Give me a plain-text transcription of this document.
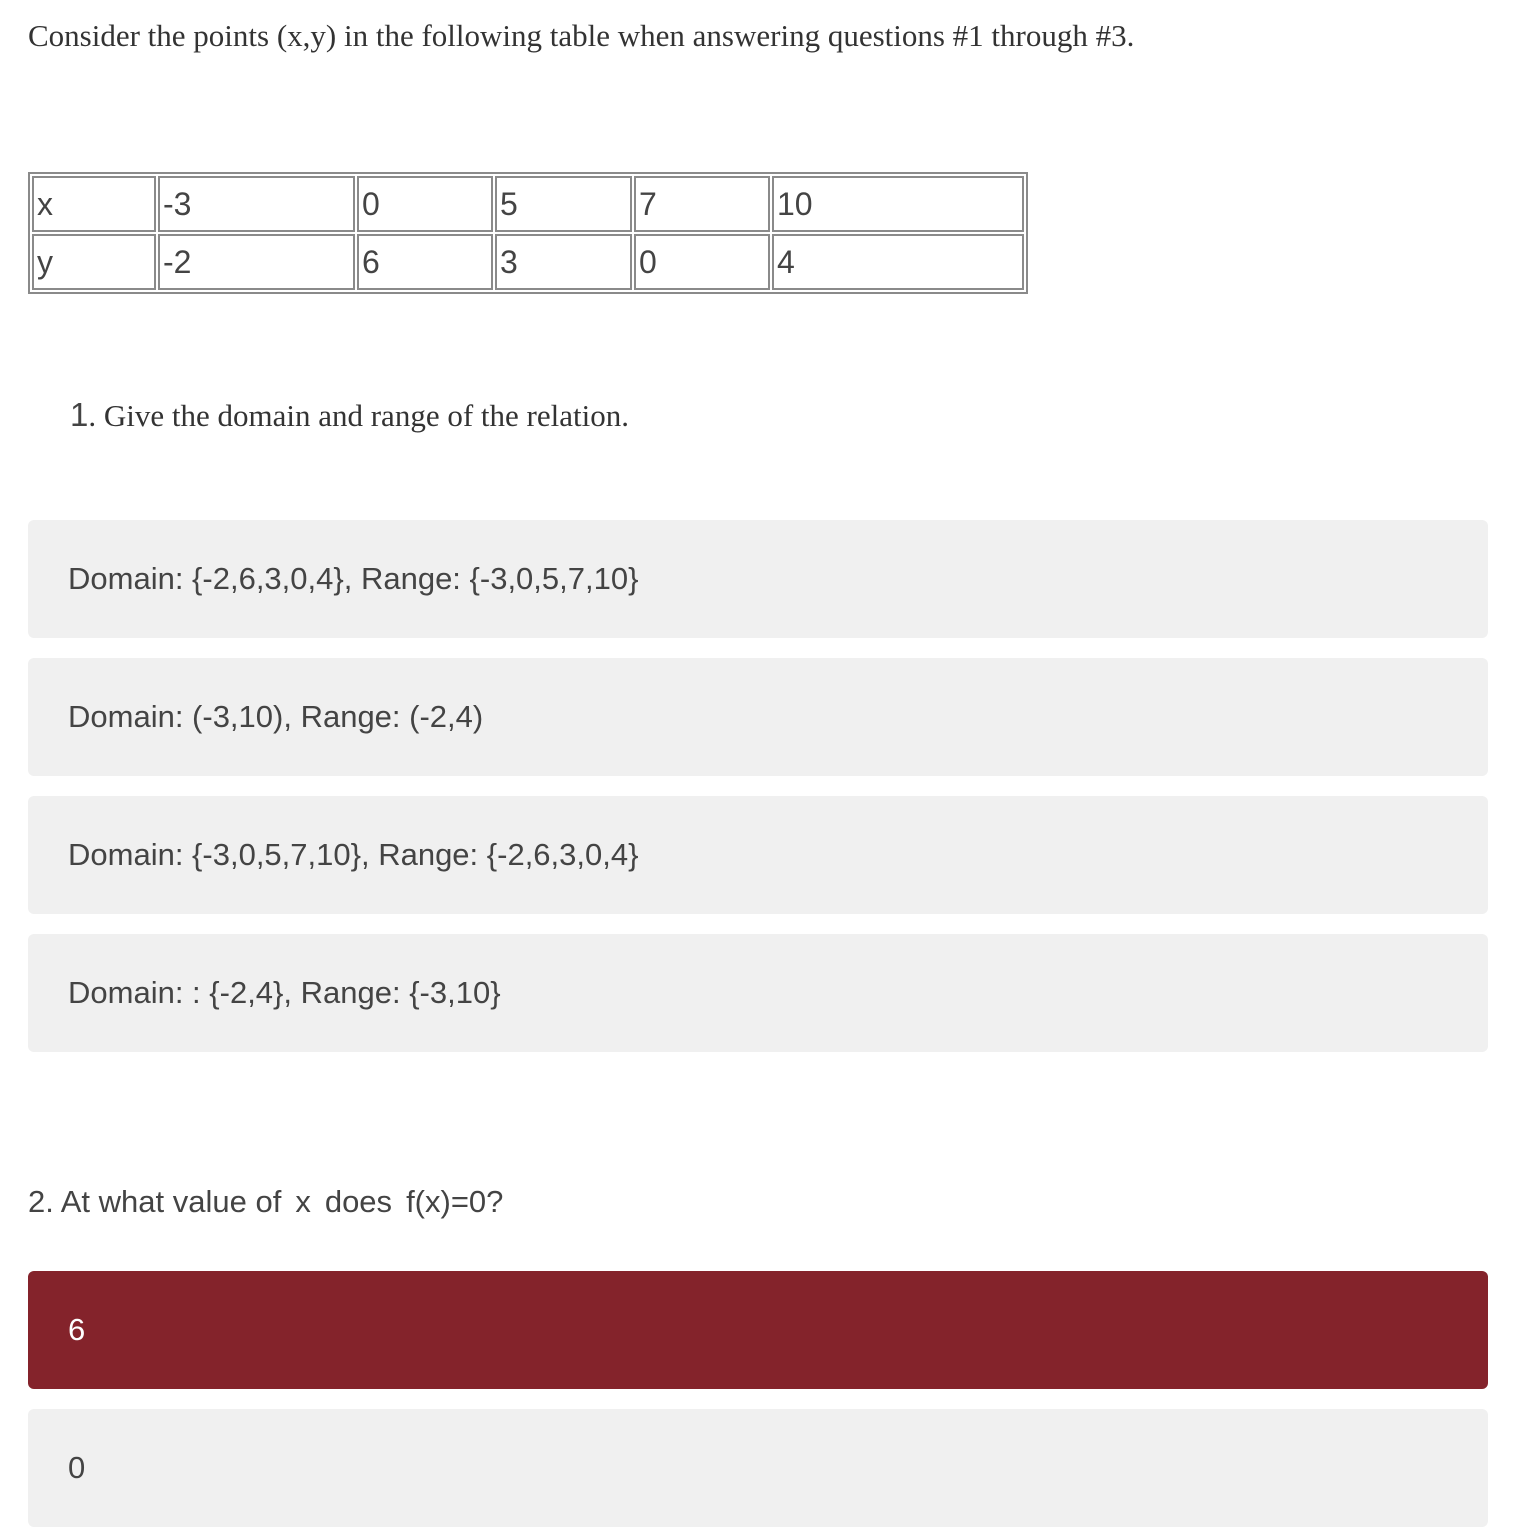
Consider the points (x,y) in the following table when answering questions #1 through #3.
x	-3	0	5	7	10
y	-2	6	3	0	4
1. Give the domain and range of the relation.
Domain: {-2,6,3,0,4}, Range: {-3,0,5,7,10}
Domain: (-3,10), Range: (-2,4)
Domain: {-3,0,5,7,10}, Range: {-2,6,3,0,4}
Domain: : {-2,4}, Range: {-3,10}
2. At what value of x does f(x)=0?
6
0
